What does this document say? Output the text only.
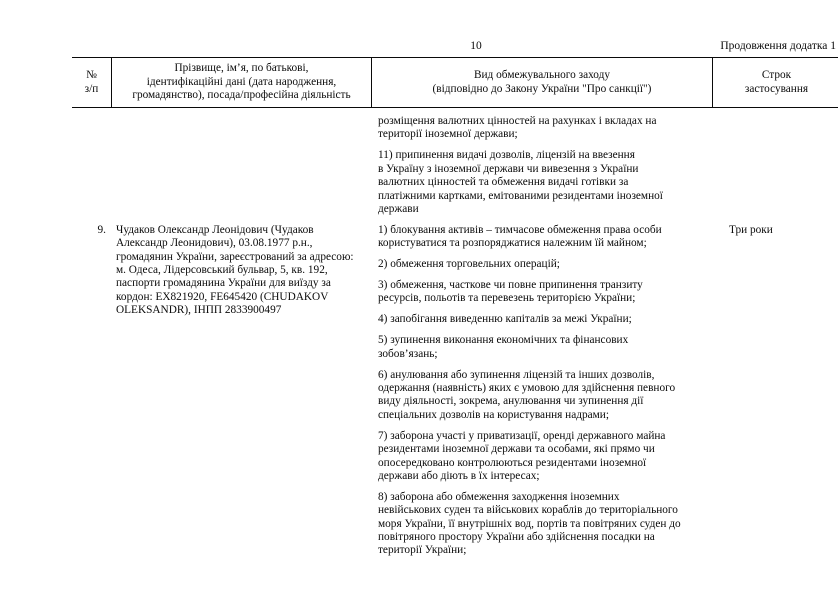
10	Продовження додатка 1
№
з/п
Прізвище, ім’я, по батькові,
ідентифікаційні дані (дата народження,
громадянство), посада/професійна діяльність
Вид обмежувального заходу
(відповідно до Закону України "Про санкції")
Строк
застосування

розміщення валютних цінностей на рахунках і вкладах на
території іноземної держави;

11) припинення видачі дозволів, ліцензій на ввезення
в Україну з іноземної держави чи вивезення з України
валютних цінностей та обмеження видачі готівки за
платіжними картками, емітованими резидентами іноземної
держави

9. Чудаков Олександр Леонідович (Чудаков
Александр Леонидович), 03.08.1977 р.н.,
громадянин України, зареєстрований за адресою:
м. Одеса, Лідерсовський бульвар, 5, кв. 192,
паспорти громадянина України для виїзду за
кордон: EX821920, FE645420 (CHUDAKOV
OLEKSANDR), ІНПП 2833900497

1) блокування активів – тимчасове обмеження права особи
користуватися та розпоряджатися належним їй майном;

2) обмеження торговельних операцій;

3) обмеження, часткове чи повне припинення транзиту
ресурсів, польотів та перевезень територією України;

4) запобігання виведенню капіталів за межі України;

5) зупинення виконання економічних та фінансових
зобов’язань;

6) анулювання або зупинення ліцензій та інших дозволів,
одержання (наявність) яких є умовою для здійснення певного
виду діяльності, зокрема, анулювання чи зупинення дії
спеціальних дозволів на користування надрами;

7) заборона участі у приватизації, оренді державного майна
резидентами іноземної держави та особами, які прямо чи
опосередковано контролюються резидентами іноземної
держави або діють в їх інтересах;

8) заборона або обмеження заходження іноземних
невійськових суден та військових кораблів до територіального
моря України, її внутрішніх вод, портів та повітряних суден до
повітряного простору України або здійснення посадки на
території України;

Три роки
